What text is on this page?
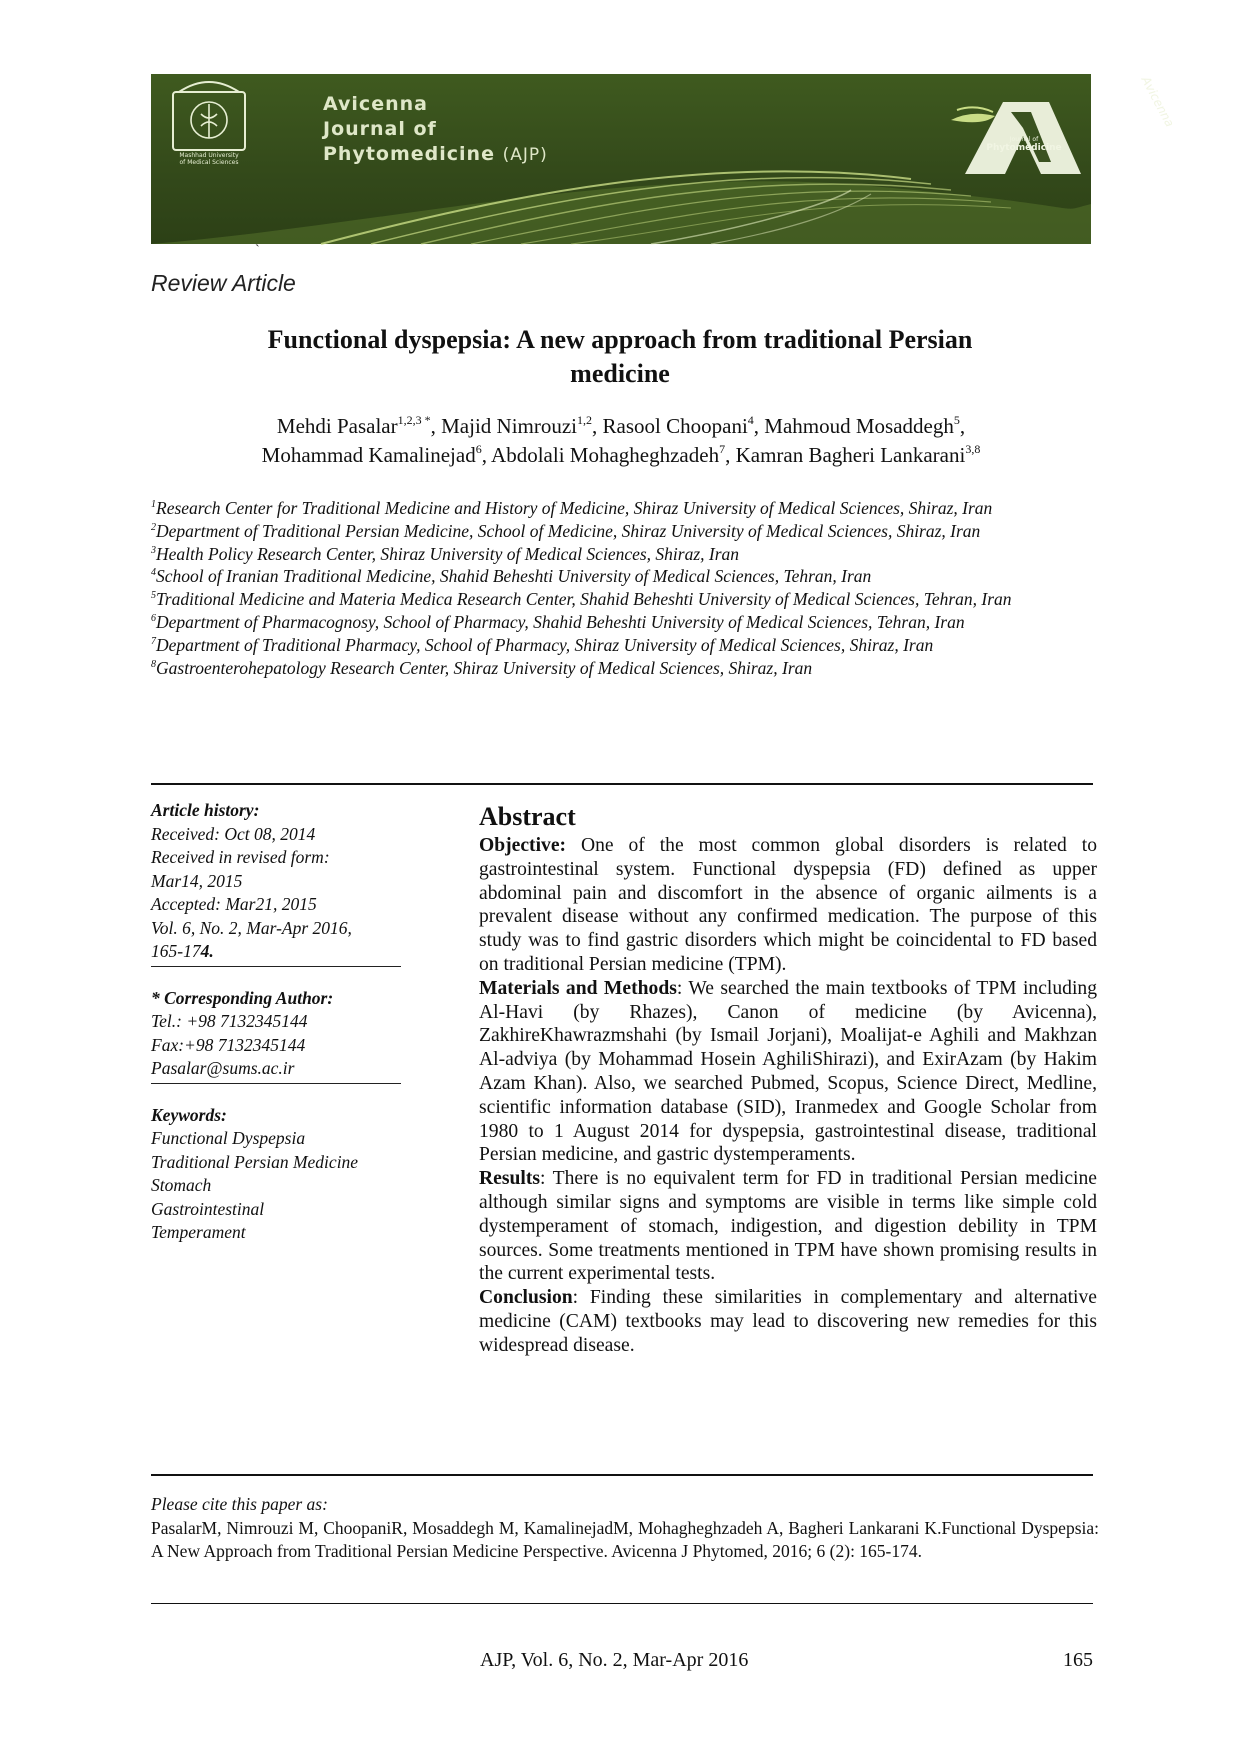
Avicenna
Journal of
Phytomedicine (AJP)
Mashhad University
of Medical Sciences
Journal of
Phytomedicine
Avicenna
`
Review Article
Functional dyspepsia: A new approach from traditional Persian
medicine
Mehdi Pasalar$^{1,2,3 *}$, Majid Nimrouzi$^{1,2}$, Rasool Choopani$^4$, Mahmoud Mosaddegh$^5$,
Mohammad Kamalinejad$^6$, Abdolali Mohagheghzadeh$^7$, Kamran Bagheri Lankarani$^{3,8}$

$^1$Research Center for Traditional Medicine and History of Medicine, Shiraz University of Medical Sciences, Shiraz, Iran

$^2$Department of Traditional Persian Medicine, School of Medicine, Shiraz University of Medical Sciences, Shiraz, Iran

$^3$Health Policy Research Center, Shiraz University of Medical Sciences, Shiraz, Iran

$^4$School of Iranian Traditional Medicine, Shahid Beheshti University of Medical Sciences, Tehran, Iran

$^5$Traditional Medicine and Materia Medica Research Center, Shahid Beheshti University of Medical Sciences, Tehran, Iran

$^6$Department of Pharmacognosy, School of Pharmacy, Shahid Beheshti University of Medical Sciences, Tehran, Iran

$^7$Department of Traditional Pharmacy, School of Pharmacy, Shiraz University of Medical Sciences, Shiraz, Iran

$^8$Gastroenterohepatology Research Center, Shiraz University of Medical Sciences, Shiraz, Iran

Article history:

Received: Oct 08, 2014

Received in revised form:

Mar14, 2015

Accepted: Mar21, 2015

Vol. 6, No. 2, Mar-Apr 2016,

165-174.

* Corresponding Author:

Tel.: +98 7132345144

Fax:+98 7132345144

Pasalar@sums.ac.ir

Keywords:

Functional Dyspepsia

Traditional Persian Medicine

Stomach

Gastrointestinal

Temperament

Abstract

Objective: One of the most common global disorders is related to gastrointestinal system. Functional dyspepsia (FD) defined as upper abdominal pain and discomfort in the absence of organic ailments is a prevalent disease without any confirmed medication. The purpose of this study was to find gastric disorders which might be coincidental to FD based on traditional Persian medicine (TPM).

Materials and Methods: We searched the main textbooks of TPM including Al-Havi (by Rhazes), Canon of medicine (by Avicenna), ZakhireKhawrazmshahi (by Ismail Jorjani), Moalijat-e Aghili and Makhzan Al-adviya (by Mohammad Hosein AghiliShirazi), and ExirAzam (by Hakim Azam Khan). Also, we searched Pubmed, Scopus, Science Direct, Medline, scientific information database (SID), Iranmedex and Google Scholar from 1980 to 1 August 2014 for dyspepsia, gastrointestinal disease, traditional Persian medicine, and gastric dystemperaments.

Results: There is no equivalent term for FD in traditional Persian medicine although similar signs and symptoms are visible in terms like simple cold dystemperament of stomach, indigestion, and digestion debility in TPM sources. Some treatments mentioned in TPM have shown promising results in the current experimental tests.

Conclusion: Finding these similarities in complementary and alternative medicine (CAM) textbooks may lead to discovering new remedies for this widespread disease.

Please cite this paper as:
PasalarM, Nimrouzi M, ChoopaniR, Mosaddegh M, KamalinejadM, Mohagheghzadeh A, Bagheri Lankarani K.Functional Dyspepsia: A New Approach from Traditional Persian Medicine Perspective. Avicenna J Phytomed, 2016; 6 (2): 165-174.
AJP, Vol. 6, No. 2, Mar-Apr 2016	165
